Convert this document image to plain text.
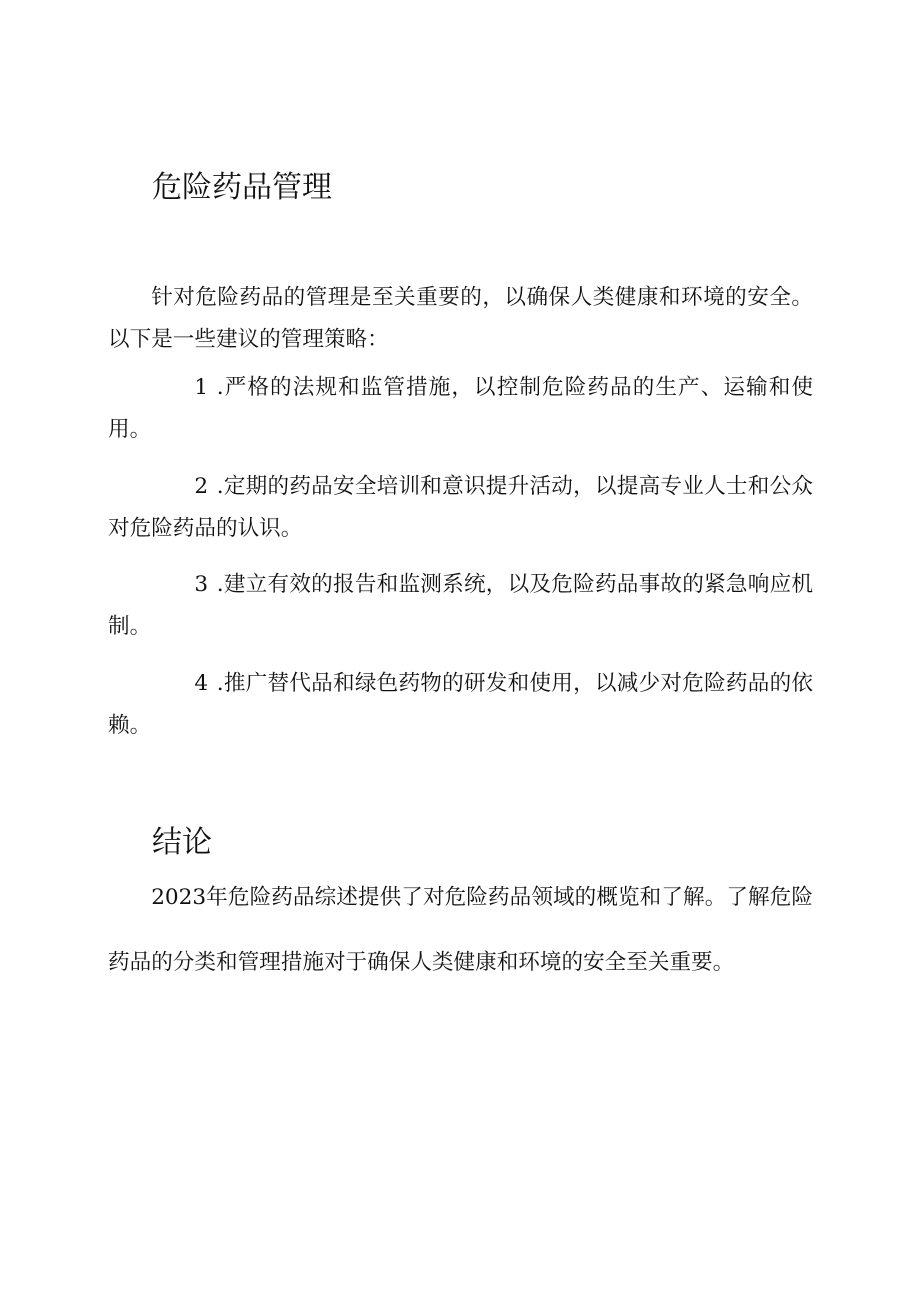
危险药品管理

针对危险药品的管理是至关重要的，以确保人类健康和环境的安全。以下是一些建议的管理策略：

1 .严格的法规和监管措施，以控制危险药品的生产、运输和使用。

2 .定期的药品安全培训和意识提升活动，以提高专业人士和公众对危险药品的认识。

3 .建立有效的报告和监测系统，以及危险药品事故的紧急响应机制。

4 .推广替代品和绿色药物的研发和使用，以减少对危险药品的依赖。

结论

2023年危险药品综述提供了对危险药品领域的概览和了解。了解危险药品的分类和管理措施对于确保人类健康和环境的安全至关重要。
